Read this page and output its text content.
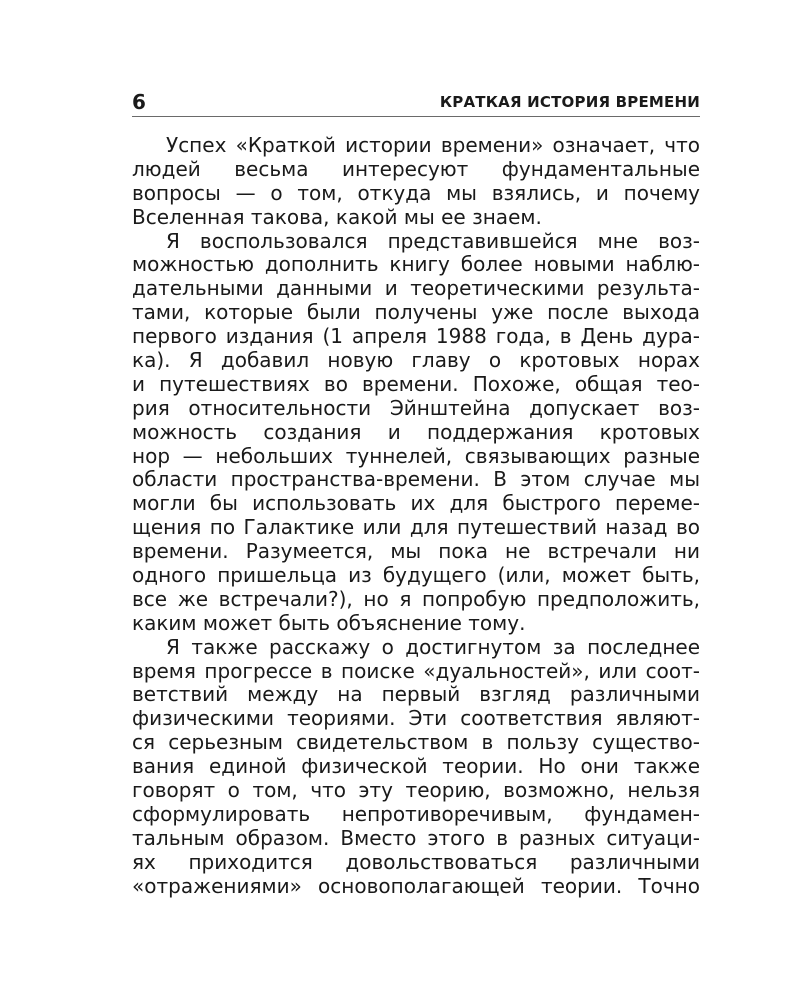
6	КРАТКАЯ ИСТОРИЯ ВРЕМЕНИ
Успех «Краткой истории времени» означает, что
людей весьма интересуют фундаментальные
вопросы — о том, откуда мы взялись, и почему
Вселенная такова, какой мы ее знаем.
Я воспользовался представившейся мне воз-
можностью дополнить книгу более новыми наблю-
дательными данными и теоретическими результа-
тами, которые были получены уже после выхода
первого издания (1 апреля 1988 года, в День дура-
ка). Я добавил новую главу о кротовых норах
и путешествиях во времени. Похоже, общая тео-
рия относительности Эйнштейна допускает воз-
можность создания и поддержания кротовых
нор — небольших туннелей, связывающих разные
области пространства-времени. В этом случае мы
могли бы использовать их для быстрого переме-
щения по Галактике или для путешествий назад во
времени. Разумеется, мы пока не встречали ни
одного пришельца из будущего (или, может быть,
все же встречали?), но я попробую предположить,
каким может быть объяснение тому.
Я также расскажу о достигнутом за последнее
время прогрессе в поиске «дуальностей», или соот-
ветствий между на первый взгляд различными
физическими теориями. Эти соответствия являют-
ся серьезным свидетельством в пользу существо-
вания единой физической теории. Но они также
говорят о том, что эту теорию, возможно, нельзя
сформулировать непротиворечивым, фундамен-
тальным образом. Вместо этого в разных ситуаци-
ях приходится довольствоваться различными
«отражениями» основополагающей теории. Точно
